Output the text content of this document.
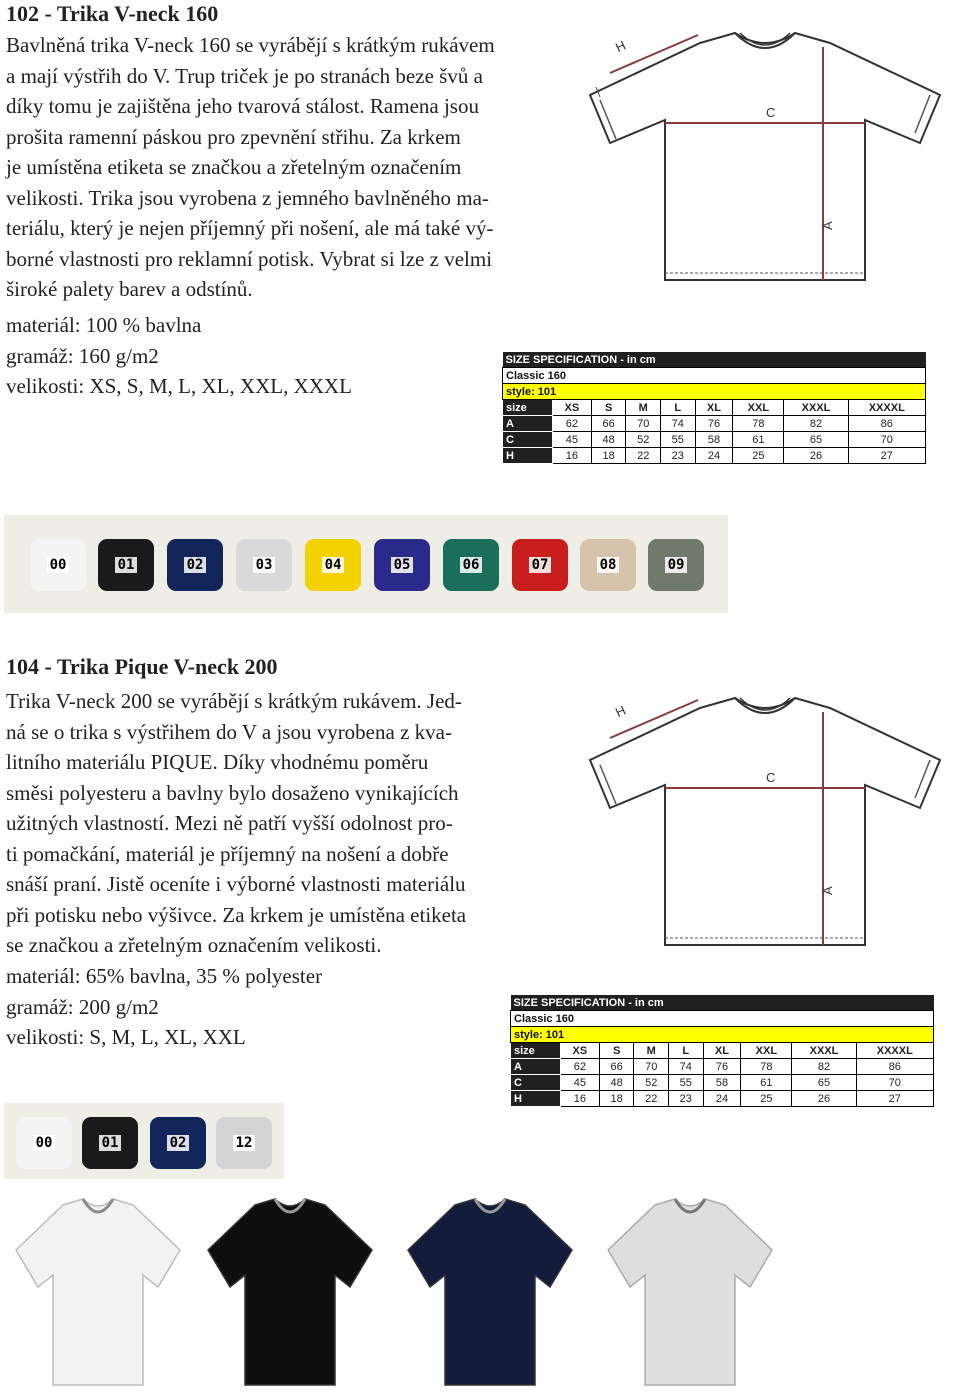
102 - Trika V-neck 160
Bavlněná trika V-neck 160 se vyrábějí s krátkým rukávem
a mají výstřih do V. Trup triček je po stranách beze švů a
díky tomu je zajištěna jeho tvarová stálost. Ramena jsou
prošita ramenní páskou pro zpevnění střihu. Za krkem
je umístěna etiketa se značkou a zřetelným označením
velikosti. Trika jsou vyrobena z jemného bavlněného ma-
teriálu, který je nejen příjemný při nošení, ale má také vý-
borné vlastnosti pro reklamní potisk. Vybrat si lze z velmi
široké palety barev a odstínů.
materiál: 100 % bavlna
gramáž: 160 g/m2
velikosti: XS, S, M, L, XL, XXL, XXXL
H
C
A
SIZE SPECIFICATION - in cm								
Classic 160								
style: 101								
size	XS	S	M	L	XL	XXL	XXXL	XXXXL
A	62	66	70	74	76	78	82	86
C	45	48	52	55	58	61	65	70
H	16	18	22	23	24	25	26	27
00	01	02	03	04	05	06	07	08	09
104 - Trika Pique V-neck 200
Trika V-neck 200 se vyrábějí s krátkým rukávem. Jed-
ná se o trika s výstřihem do V a jsou vyrobena z kva-
litního materiálu PIQUE. Díky vhodnému poměru
směsi polyesteru a bavlny bylo dosaženo vynikajících
užitných vlastností. Mezi ně patří vyšší odolnost pro-
ti pomačkání, materiál je příjemný na nošení a dobře
snáší praní. Jistě oceníte i výborné vlastnosti materiálu
při potisku nebo výšivce. Za krkem je umístěna etiketa
se značkou a zřetelným označením velikosti.
materiál: 65% bavlna, 35 % polyester
gramáž: 200 g/m2
velikosti: S, M, L, XL, XXL
H
C
A
SIZE SPECIFICATION - in cm								
Classic 160								
style: 101								
size	XS	S	M	L	XL	XXL	XXXL	XXXXL
A	62	66	70	74	76	78	82	86
C	45	48	52	55	58	61	65	70
H	16	18	22	23	24	25	26	27
00	01	02	12
